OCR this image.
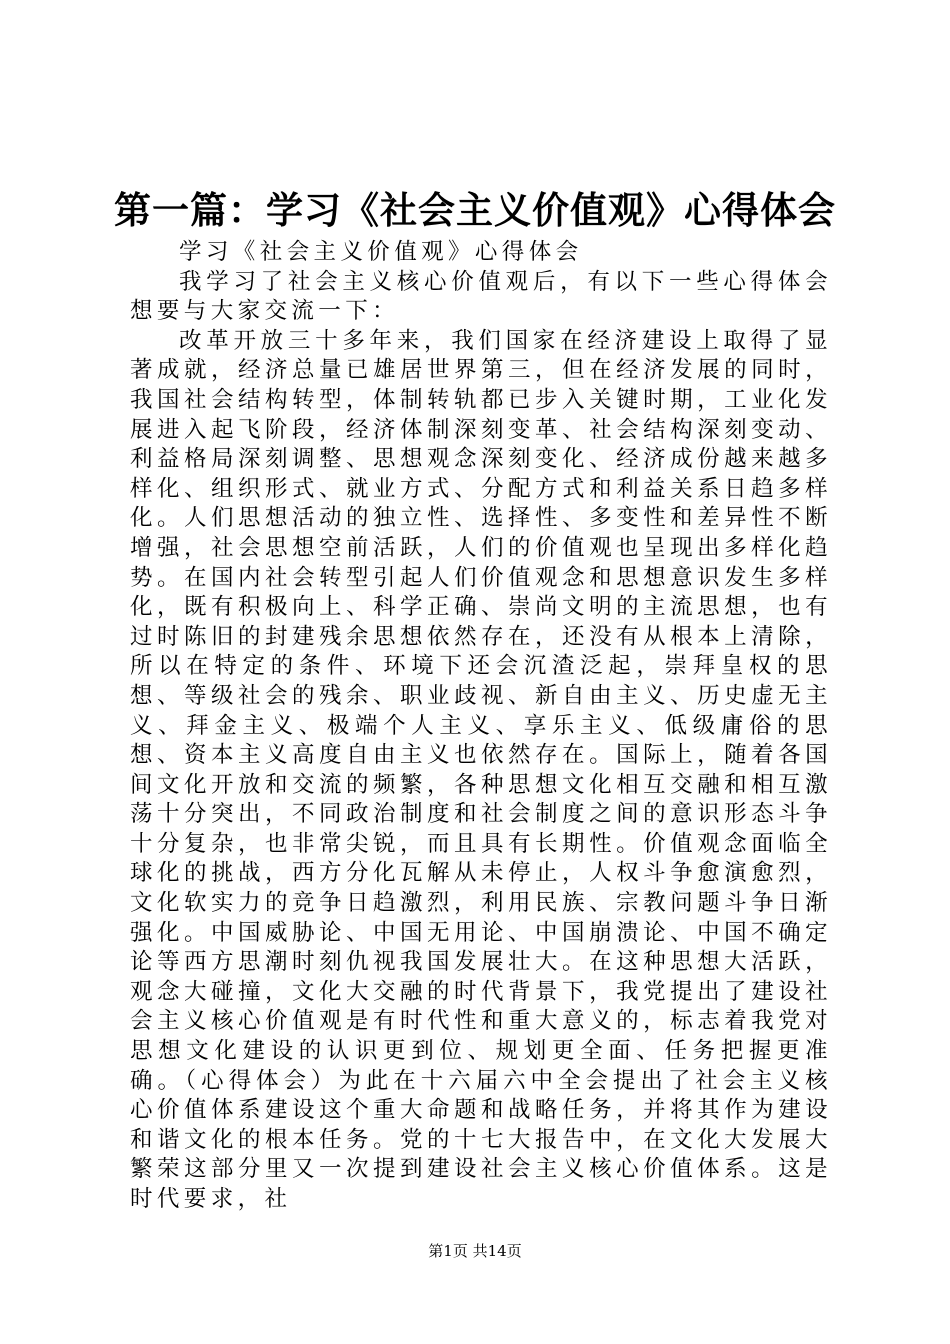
第一篇：学习《社会主义价值观》心得体会

学习《社会主义价值观》心得体会

我学习了社会主义核心价值观后，有以下一些心得体会想要与大家交流一下：

改革开放三十多年来，我们国家在经济建设上取得了显著成就，经济总量已雄居世界第三，但在经济发展的同时，我国社会结构转型，体制转轨都已步入关键时期，工业化发展进入起飞阶段，经济体制深刻变革、社会结构深刻变动、利益格局深刻调整、思想观念深刻变化、经济成份越来越多样化、组织形式、就业方式、分配方式和利益关系日趋多样化。人们思想活动的独立性、选择性、多变性和差异性不断增强，社会思想空前活跃，人们的价值观也呈现出多样化趋势。在国内社会转型引起人们价值观念和思想意识发生多样化，既有积极向上、科学正确、崇尚文明的主流思想，也有过时陈旧的封建残余思想依然存在，还没有从根本上清除，所以在特定的条件、环境下还会沉渣泛起，崇拜皇权的思想、等级社会的残余、职业歧视、新自由主义、历史虚无主义、拜金主义、极端个人主义、享乐主义、低级庸俗的思想、资本主义高度自由主义也依然存在。国际上，随着各国间文化开放和交流的频繁，各种思想文化相互交融和相互激荡十分突出，不同政治制度和社会制度之间的意识形态斗争十分复杂，也非常尖锐，而且具有长期性。价值观念面临全球化的挑战，西方分化瓦解从未停止，人权斗争愈演愈烈，文化软实力的竞争日趋激烈，利用民族、宗教问题斗争日渐强化。中国威胁论、中国无用论、中国崩溃论、中国不确定论等西方思潮时刻仇视我国发展壮大。在这种思想大活跃，观念大碰撞，文化大交融的时代背景下，我党提出了建设社会主义核心价值观是有时代性和重大意义的，标志着我党对思想文化建设的认识更到位、规划更全面、任务把握更准确。（心得体会）为此在十六届六中全会提出了社会主义核心价值体系建设这个重大命题和战略任务，并将其作为建设和谐文化的根本任务。党的十七大报告中，在文化大发展大繁荣这部分里又一次提到建设社会主义核心价值体系。这是时代要求，社

第1页 共14页
